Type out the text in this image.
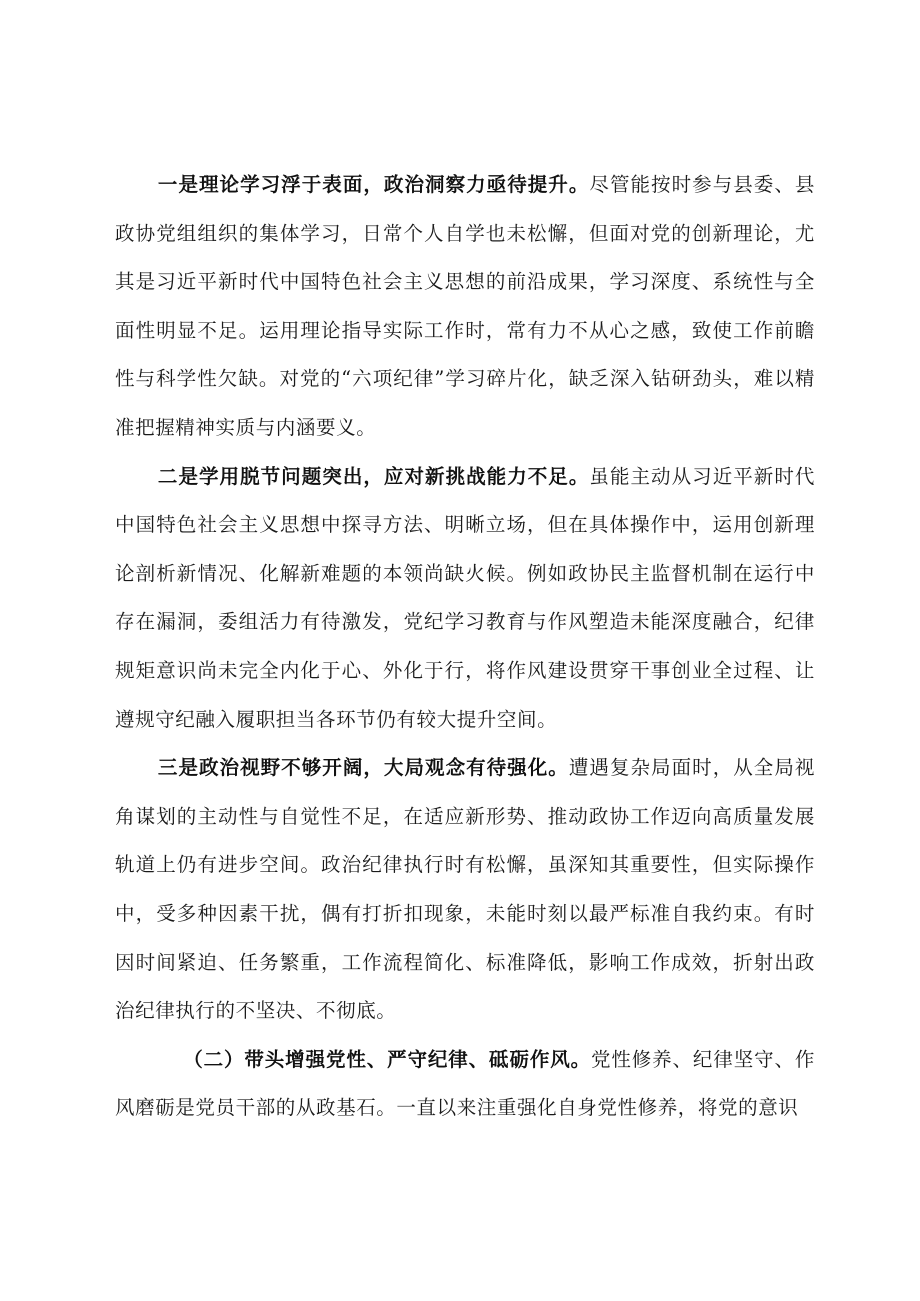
一是理论学习浮于表面，政治洞察力亟待提升。尽管能按时参与县委、县政协党组组织的集体学习，日常个人自学也未松懈，但面对党的创新理论，尤其是习近平新时代中国特色社会主义思想的前沿成果，学习深度、系统性与全面性明显不足。运用理论指导实际工作时，常有力不从心之感，致使工作前瞻性与科学性欠缺。对党的“六项纪律”学习碎片化，缺乏深入钻研劲头，难以精准把握精神实质与内涵要义。

二是学用脱节问题突出，应对新挑战能力不足。虽能主动从习近平新时代中国特色社会主义思想中探寻方法、明晰立场，但在具体操作中，运用创新理论剖析新情况、化解新难题的本领尚缺火候。例如政协民主监督机制在运行中存在漏洞，委组活力有待激发，党纪学习教育与作风塑造未能深度融合，纪律规矩意识尚未完全内化于心、外化于行，将作风建设贯穿干事创业全过程、让遵规守纪融入履职担当各环节仍有较大提升空间。

三是政治视野不够开阔，大局观念有待强化。遭遇复杂局面时，从全局视角谋划的主动性与自觉性不足，在适应新形势、推动政协工作迈向高质量发展轨道上仍有进步空间。政治纪律执行时有松懈，虽深知其重要性，但实际操作中，受多种因素干扰，偶有打折扣现象，未能时刻以最严标准自我约束。有时因时间紧迫、任务繁重，工作流程简化、标准降低，影响工作成效，折射出政治纪律执行的不坚决、不彻底。

（二）带头增强党性、严守纪律、砥砺作风。党性修养、纪律坚守、作风磨砺是党员干部的从政基石。一直以来注重强化自身党性修养，将党的意识
